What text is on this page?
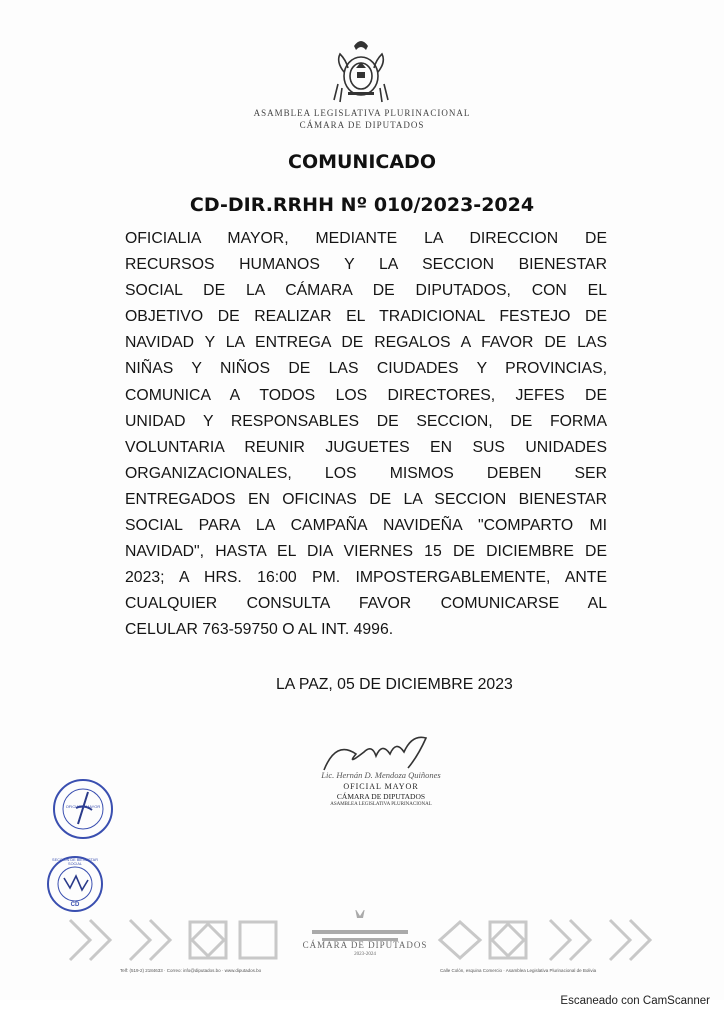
ASAMBLEA LEGISLATIVA PLURINACIONAL
CÁMARA DE DIPUTADOS
COMUNICADO
CD-DIR.RRHH Nº 010/2023-2024
OFICIALIA MAYOR, MEDIANTE LA DIRECCION DE
RECURSOS HUMANOS Y LA SECCION BIENESTAR
SOCIAL DE LA CÁMARA DE DIPUTADOS, CON EL
OBJETIVO DE REALIZAR EL TRADICIONAL FESTEJO DE
NAVIDAD Y LA ENTREGA DE REGALOS A FAVOR DE LAS
NIÑAS Y NIÑOS DE LAS CIUDADES Y PROVINCIAS,
COMUNICA A TODOS LOS DIRECTORES, JEFES DE
UNIDAD Y RESPONSABLES DE SECCION, DE FORMA
VOLUNTARIA REUNIR JUGUETES EN SUS UNIDADES
ORGANIZACIONALES, LOS MISMOS DEBEN SER
ENTREGADOS EN OFICINAS DE LA SECCION BIENESTAR
SOCIAL PARA LA CAMPAÑA NAVIDEÑA "COMPARTO MI
NAVIDAD", HASTA EL DIA VIERNES 15 DE DICIEMBRE DE
2023; A HRS. 16:00 PM. IMPOSTERGABLEMENTE, ANTE
CUALQUIER CONSULTA FAVOR COMUNICARSE AL
CELULAR 763-59750 O AL INT. 4996.
LA PAZ, 05 DE DICIEMBRE 2023
Lic. Hernán D. Mendoza Quiñones
OFICIAL MAYOR
CÁMARA DE DIPUTADOS
ASAMBLEA LEGISLATIVA PLURINACIONAL
OFICIALIA MAYOR
SECCION DE BIENESTAR SOCIAL
CD
CÁMARA DE DIPUTADOS
2023-2024
Telf: (519-2) 2184633 · Correo: info@diputados.bo · www.diputados.bo	Calle Colón, esquina Comercio · Asamblea Legislativa Plurinacional de Bolivia
Escaneado con CamScanner
